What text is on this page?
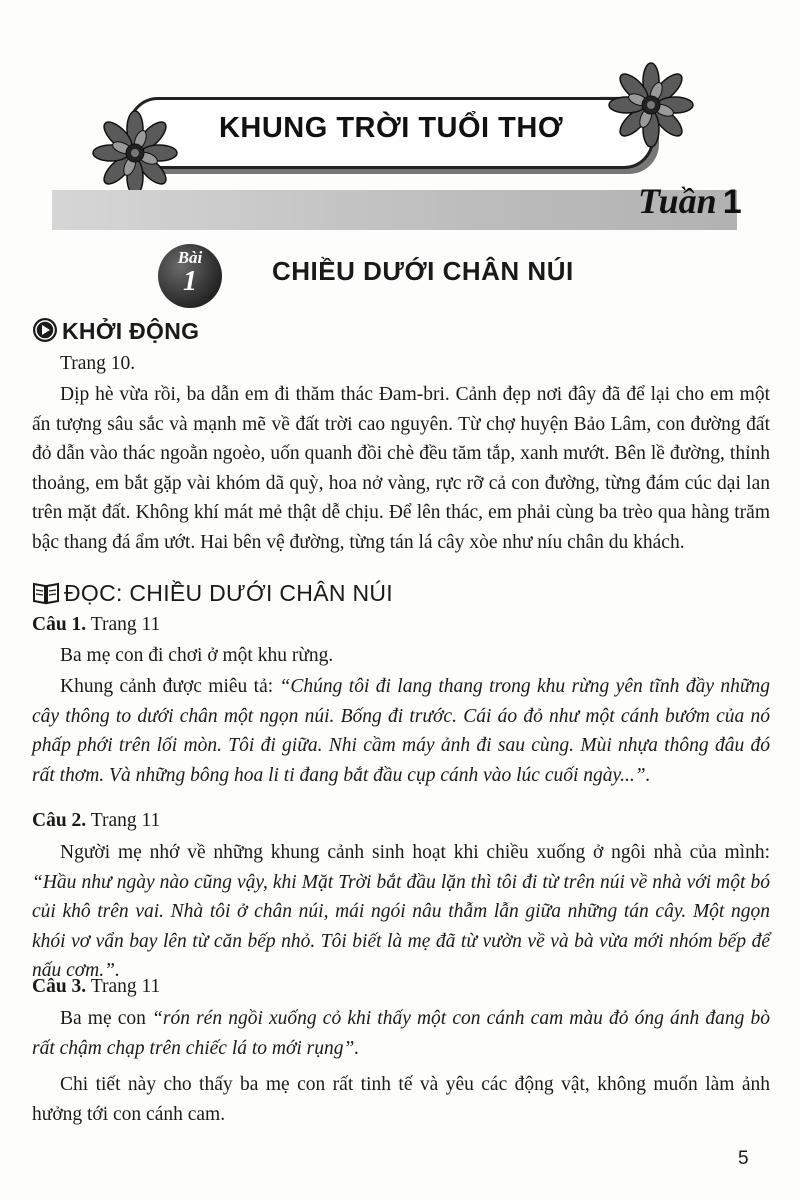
KHUNG TRỜI TUỔI THƠ
Tuần 1
Bài
1	CHIỀU DƯỚI CHÂN NÚI
KHỞI ĐỘNG
Trang 10.
Dịp hè vừa rồi, ba dẫn em đi thăm thác Đam-bri. Cảnh đẹp nơi đây đã để lại cho em một ấn tượng sâu sắc và mạnh mẽ về đất trời cao nguyên. Từ chợ huyện Bảo Lâm, con đường đất đỏ dẫn vào thác ngoằn ngoèo, uốn quanh đồi chè đều tăm tắp, xanh mướt. Bên lề đường, thỉnh thoảng, em bắt gặp vài khóm dã quỳ, hoa nở vàng, rực rỡ cả con đường, từng đám cúc dại lan trên mặt đất. Không khí mát mẻ thật dễ chịu. Để lên thác, em phải cùng ba trèo qua hàng trăm bậc thang đá ẩm ướt. Hai bên vệ đường, từng tán lá cây xòe như níu chân du khách.
ĐỌC: CHIỀU DƯỚI CHÂN NÚI
Câu 1. Trang 11
Ba mẹ con đi chơi ở một khu rừng.
Khung cảnh được miêu tả: “Chúng tôi đi lang thang trong khu rừng yên tĩnh đầy những cây thông to dưới chân một ngọn núi. Bống đi trước. Cái áo đỏ như một cánh bướm của nó phấp phới trên lối mòn. Tôi đi giữa. Nhi cầm máy ảnh đi sau cùng. Mùi nhựa thông đâu đó rất thơm. Và những bông hoa li ti đang bắt đầu cụp cánh vào lúc cuối ngày...”.
Câu 2. Trang 11
Người mẹ nhớ về những khung cảnh sinh hoạt khi chiều xuống ở ngôi nhà của mình: “Hầu như ngày nào cũng vậy, khi Mặt Trời bắt đầu lặn thì tôi đi từ trên núi về nhà với một bó củi khô trên vai. Nhà tôi ở chân núi, mái ngói nâu thẫm lẫn giữa những tán cây. Một ngọn khói vơ vẩn bay lên từ căn bếp nhỏ. Tôi biết là mẹ đã từ vườn về và bà vừa mới nhóm bếp để nấu cơm.”.
Câu 3. Trang 11
Ba mẹ con “rón rén ngồi xuống cỏ khi thấy một con cánh cam màu đỏ óng ánh đang bò rất chậm chạp trên chiếc lá to mới rụng”.
Chi tiết này cho thấy ba mẹ con rất tinh tế và yêu các động vật, không muốn làm ảnh hưởng tới con cánh cam.
5
